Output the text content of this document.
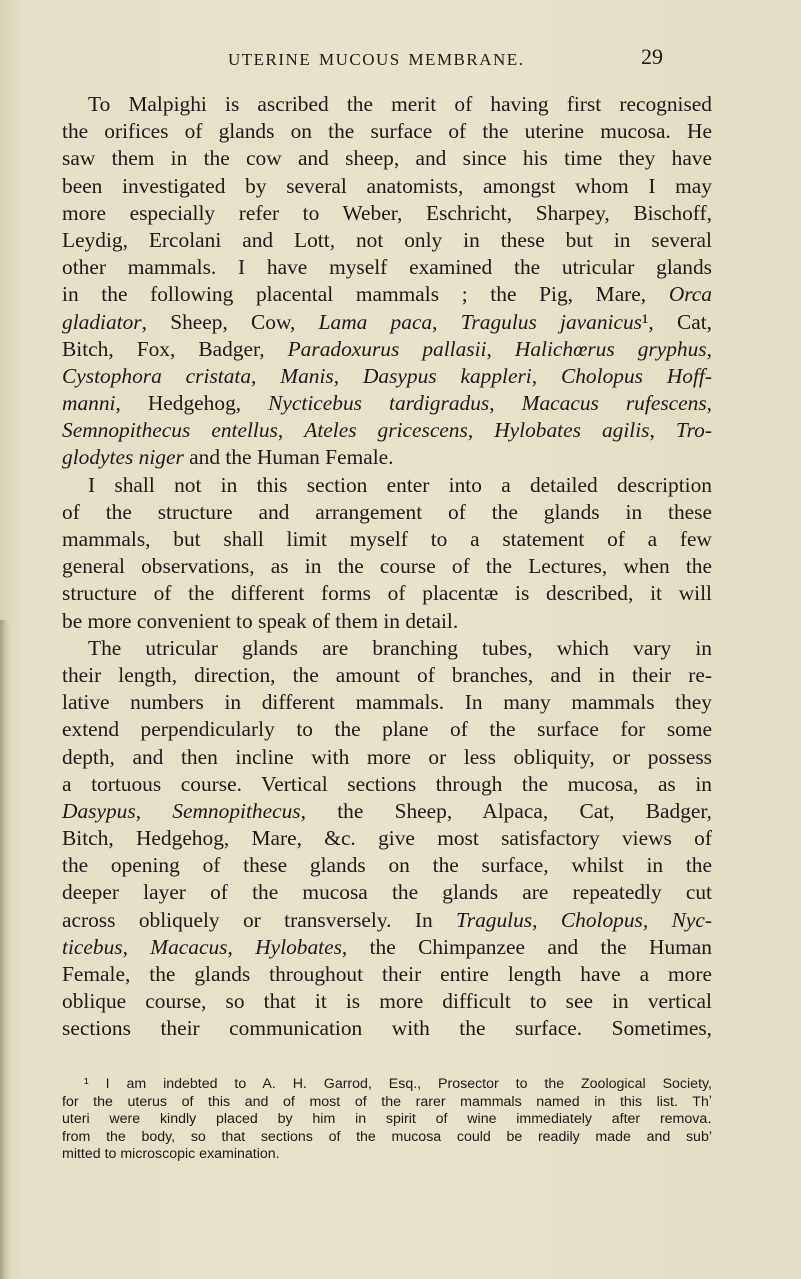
UTERINE MUCOUS MEMBRANE.	29
To Malpighi is ascribed the merit of having first recognised
the orifices of glands on the surface of the uterine mucosa. He
saw them in the cow and sheep, and since his time they have
been investigated by several anatomists, amongst whom I may
more especially refer to Weber, Eschricht, Sharpey, Bischoff,
Leydig, Ercolani and Lott, not only in these but in several
other mammals. I have myself examined the utricular glands
in the following placental mammals ; the Pig, Mare, Orca
gladiator, Sheep, Cow, Lama paca, Tragulus javanicus¹, Cat,
Bitch, Fox, Badger, Paradoxurus pallasii, Halichœrus gryphus,
Cystophora cristata, Manis, Dasypus kappleri, Cholopus Hoff-
manni, Hedgehog, Nycticebus tardigradus, Macacus rufescens,
Semnopithecus entellus, Ateles gricescens, Hylobates agilis, Tro-
glodytes niger and the Human Female.
I shall not in this section enter into a detailed description
of the structure and arrangement of the glands in these
mammals, but shall limit myself to a statement of a few
general observations, as in the course of the Lectures, when the
structure of the different forms of placentæ is described, it will
be more convenient to speak of them in detail.
The utricular glands are branching tubes, which vary in
their length, direction, the amount of branches, and in their re-
lative numbers in different mammals. In many mammals they
extend perpendicularly to the plane of the surface for some
depth, and then incline with more or less obliquity, or possess
a tortuous course. Vertical sections through the mucosa, as in
Dasypus, Semnopithecus, the Sheep, Alpaca, Cat, Badger,
Bitch, Hedgehog, Mare, &c. give most satisfactory views of
the opening of these glands on the surface, whilst in the
deeper layer of the mucosa the glands are repeatedly cut
across obliquely or transversely. In Tragulus, Cholopus, Nyc-
ticebus, Macacus, Hylobates, the Chimpanzee and the Human
Female, the glands throughout their entire length have a more
oblique course, so that it is more difficult to see in vertical
sections their communication with the surface. Sometimes,
¹ I am indebted to A. H. Garrod, Esq., Prosector to the Zoological Society,
for the uterus of this and of most of the rarer mammals named in this list. Thʼ
uteri were kindly placed by him in spirit of wine immediately after remova․
from the body, so that sections of the mucosa could be readily made and sub’
mitted to microscopic examination.
